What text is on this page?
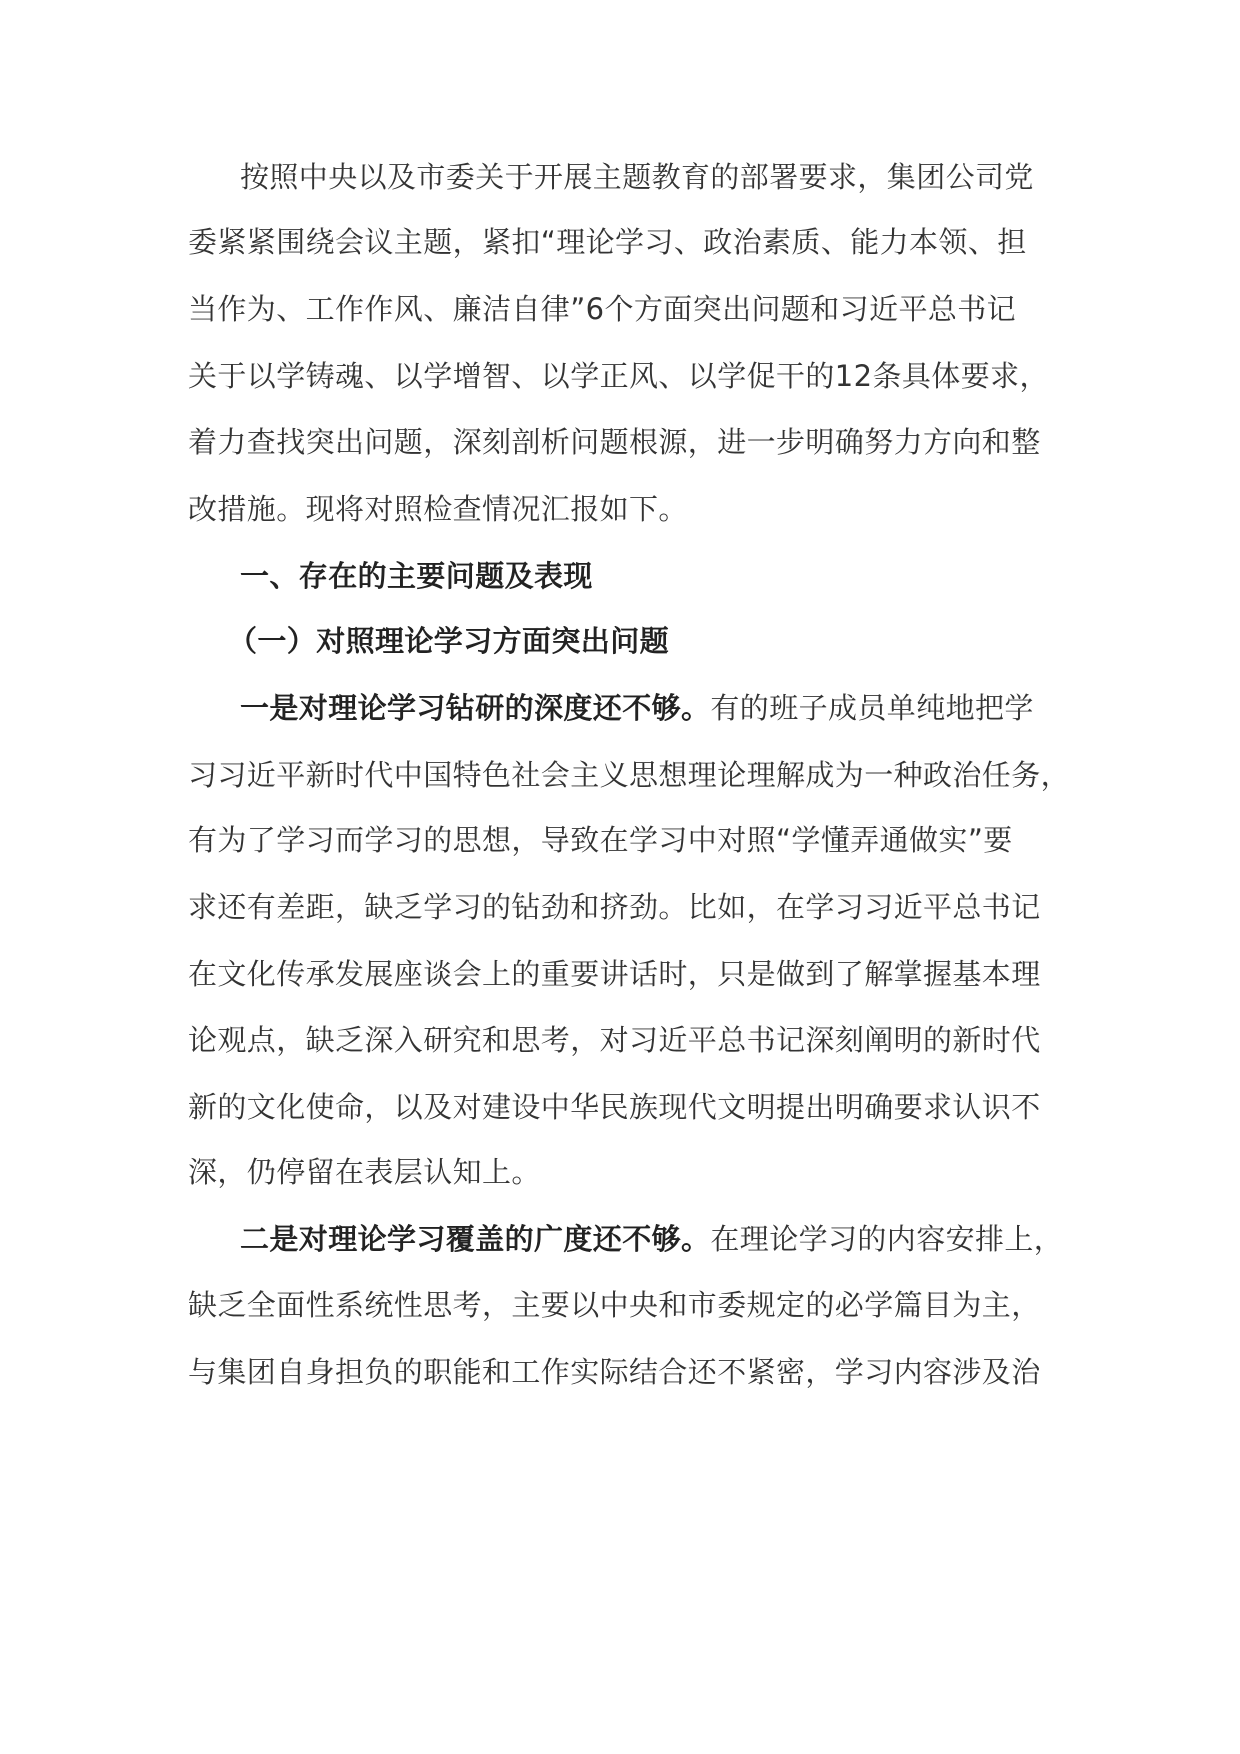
按照中央以及市委关于开展主题教育的部署要求，集团公司党
委紧紧围绕会议主题，紧扣“理论学习、政治素质、能力本领、担
当作为、工作作风、廉洁自律”6个方面突出问题和习近平总书记
关于以学铸魂、以学增智、以学正风、以学促干的12条具体要求，
着力查找突出问题，深刻剖析问题根源，进一步明确努力方向和整
改措施。现将对照检查情况汇报如下。
一、存在的主要问题及表现
（一）对照理论学习方面突出问题
一是对理论学习钻研的深度还不够。有的班子成员单纯地把学
习习近平新时代中国特色社会主义思想理论理解成为一种政治任务，
有为了学习而学习的思想，导致在学习中对照“学懂弄通做实”要
求还有差距，缺乏学习的钻劲和挤劲。比如，在学习习近平总书记
在文化传承发展座谈会上的重要讲话时，只是做到了解掌握基本理
论观点，缺乏深入研究和思考，对习近平总书记深刻阐明的新时代
新的文化使命，以及对建设中华民族现代文明提出明确要求认识不
深，仍停留在表层认知上。
二是对理论学习覆盖的广度还不够。在理论学习的内容安排上，
缺乏全面性系统性思考，主要以中央和市委规定的必学篇目为主，
与集团自身担负的职能和工作实际结合还不紧密，学习内容涉及治
